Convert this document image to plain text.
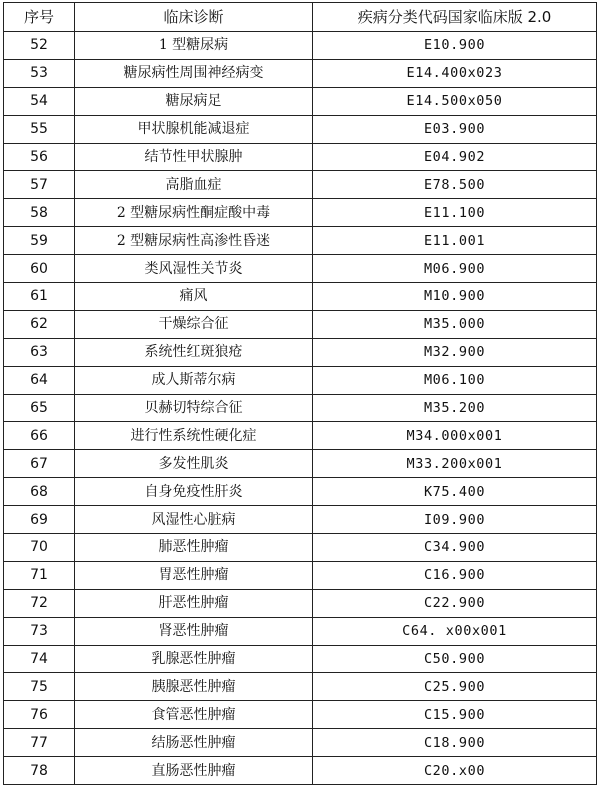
序号	临床诊断	疾病分类代码国家临床版 2.0
52	1 型糖尿病	E10.900
53	糖尿病性周围神经病变	E14.400x023
54	糖尿病足	E14.500x050
55	甲状腺机能减退症	E03.900
56	结节性甲状腺肿	E04.902
57	高脂血症	E78.500
58	2 型糖尿病性酮症酸中毒	E11.100
59	2 型糖尿病性高渗性昏迷	E11.001
60	类风湿性关节炎	M06.900
61	痛风	M10.900
62	干燥综合征	M35.000
63	系统性红斑狼疮	M32.900
64	成人斯蒂尔病	M06.100
65	贝赫切特综合征	M35.200
66	进行性系统性硬化症	M34.000x001
67	多发性肌炎	M33.200x001
68	自身免疫性肝炎	K75.400
69	风湿性心脏病	I09.900
70	肺恶性肿瘤	C34.900
71	胃恶性肿瘤	C16.900
72	肝恶性肿瘤	C22.900
73	肾恶性肿瘤	C64. x00x001
74	乳腺恶性肿瘤	C50.900
75	胰腺恶性肿瘤	C25.900
76	食管恶性肿瘤	C15.900
77	结肠恶性肿瘤	C18.900
78	直肠恶性肿瘤	C20.x00
